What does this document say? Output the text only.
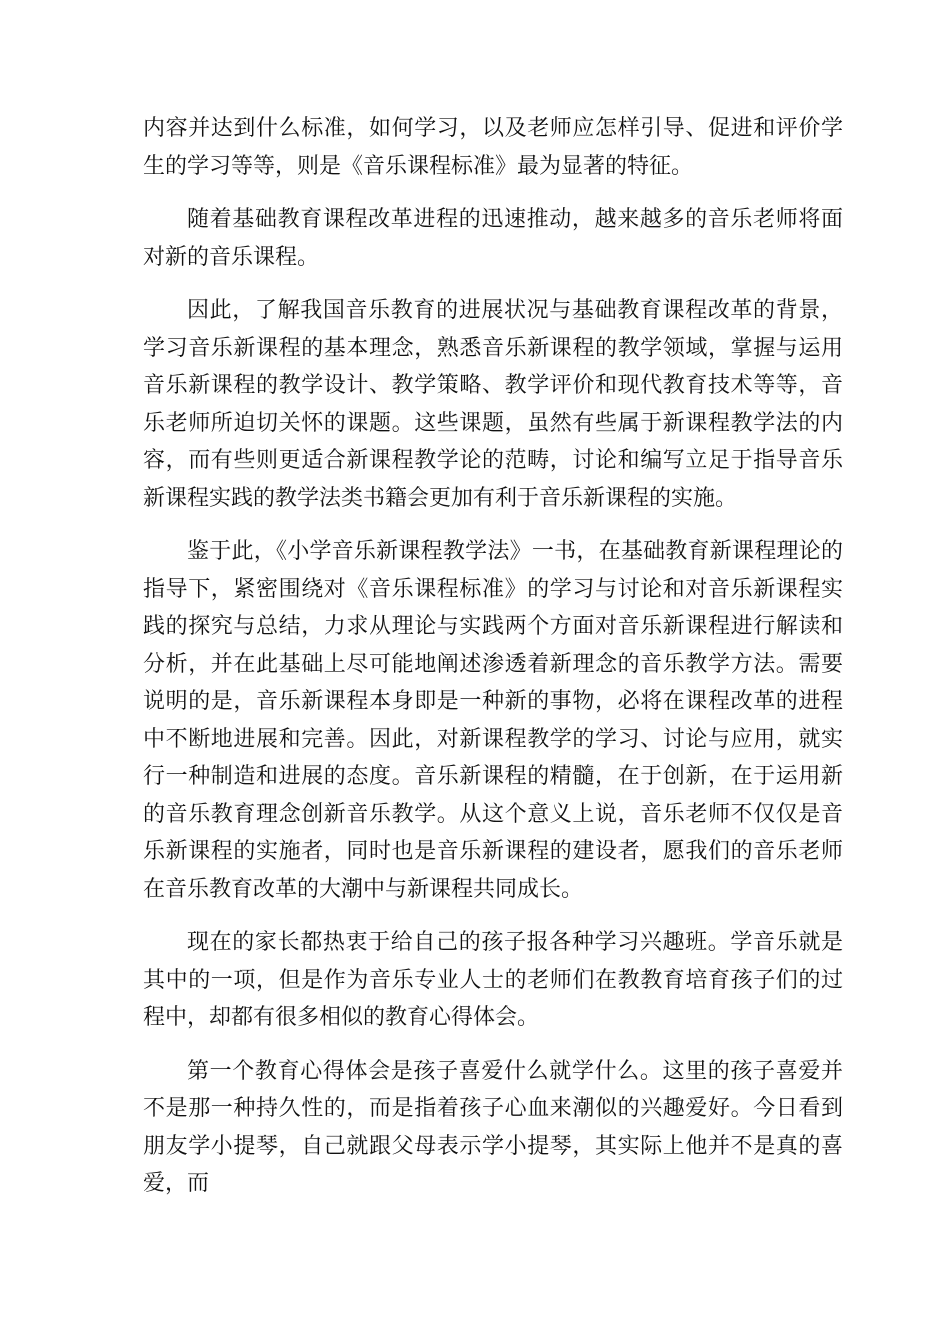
内容并达到什么标准，如何学习，以及老师应怎样引导、促进和评价学生的学习等等，则是《音乐课程标准》最为显著的特征。

随着基础教育课程改革进程的迅速推动，越来越多的音乐老师将面对新的音乐课程。

因此，了解我国音乐教育的进展状况与基础教育课程改革的背景，学习音乐新课程的基本理念，熟悉音乐新课程的教学领域，掌握与运用音乐新课程的教学设计、教学策略、教学评价和现代教育技术等等，音乐老师所迫切关怀的课题。这些课题，虽然有些属于新课程教学法的内容，而有些则更适合新课程教学论的范畴，讨论和编写立足于指导音乐新课程实践的教学法类书籍会更加有利于音乐新课程的实施。

鉴于此，《小学音乐新课程教学法》一书，在基础教育新课程理论的指导下，紧密围绕对《音乐课程标准》的学习与讨论和对音乐新课程实践的探究与总结，力求从理论与实践两个方面对音乐新课程进行解读和分析，并在此基础上尽可能地阐述渗透着新理念的音乐教学方法。需要说明的是，音乐新课程本身即是一种新的事物，必将在课程改革的进程中不断地进展和完善。因此，对新课程教学的学习、讨论与应用，就实行一种制造和进展的态度。音乐新课程的精髓，在于创新，在于运用新的音乐教育理念创新音乐教学。从这个意义上说，音乐老师不仅仅是音乐新课程的实施者，同时也是音乐新课程的建设者，愿我们的音乐老师在音乐教育改革的大潮中与新课程共同成长。

现在的家长都热衷于给自己的孩子报各种学习兴趣班。学音乐就是其中的一项，但是作为音乐专业人士的老师们在教教育培育孩子们的过程中，却都有很多相似的教育心得体会。

第一个教育心得体会是孩子喜爱什么就学什么。这里的孩子喜爱并不是那一种持久性的，而是指着孩子心血来潮似的兴趣爱好。今日看到朋友学小提琴，自己就跟父母表示学小提琴，其实际上他并不是真的喜爱，而
